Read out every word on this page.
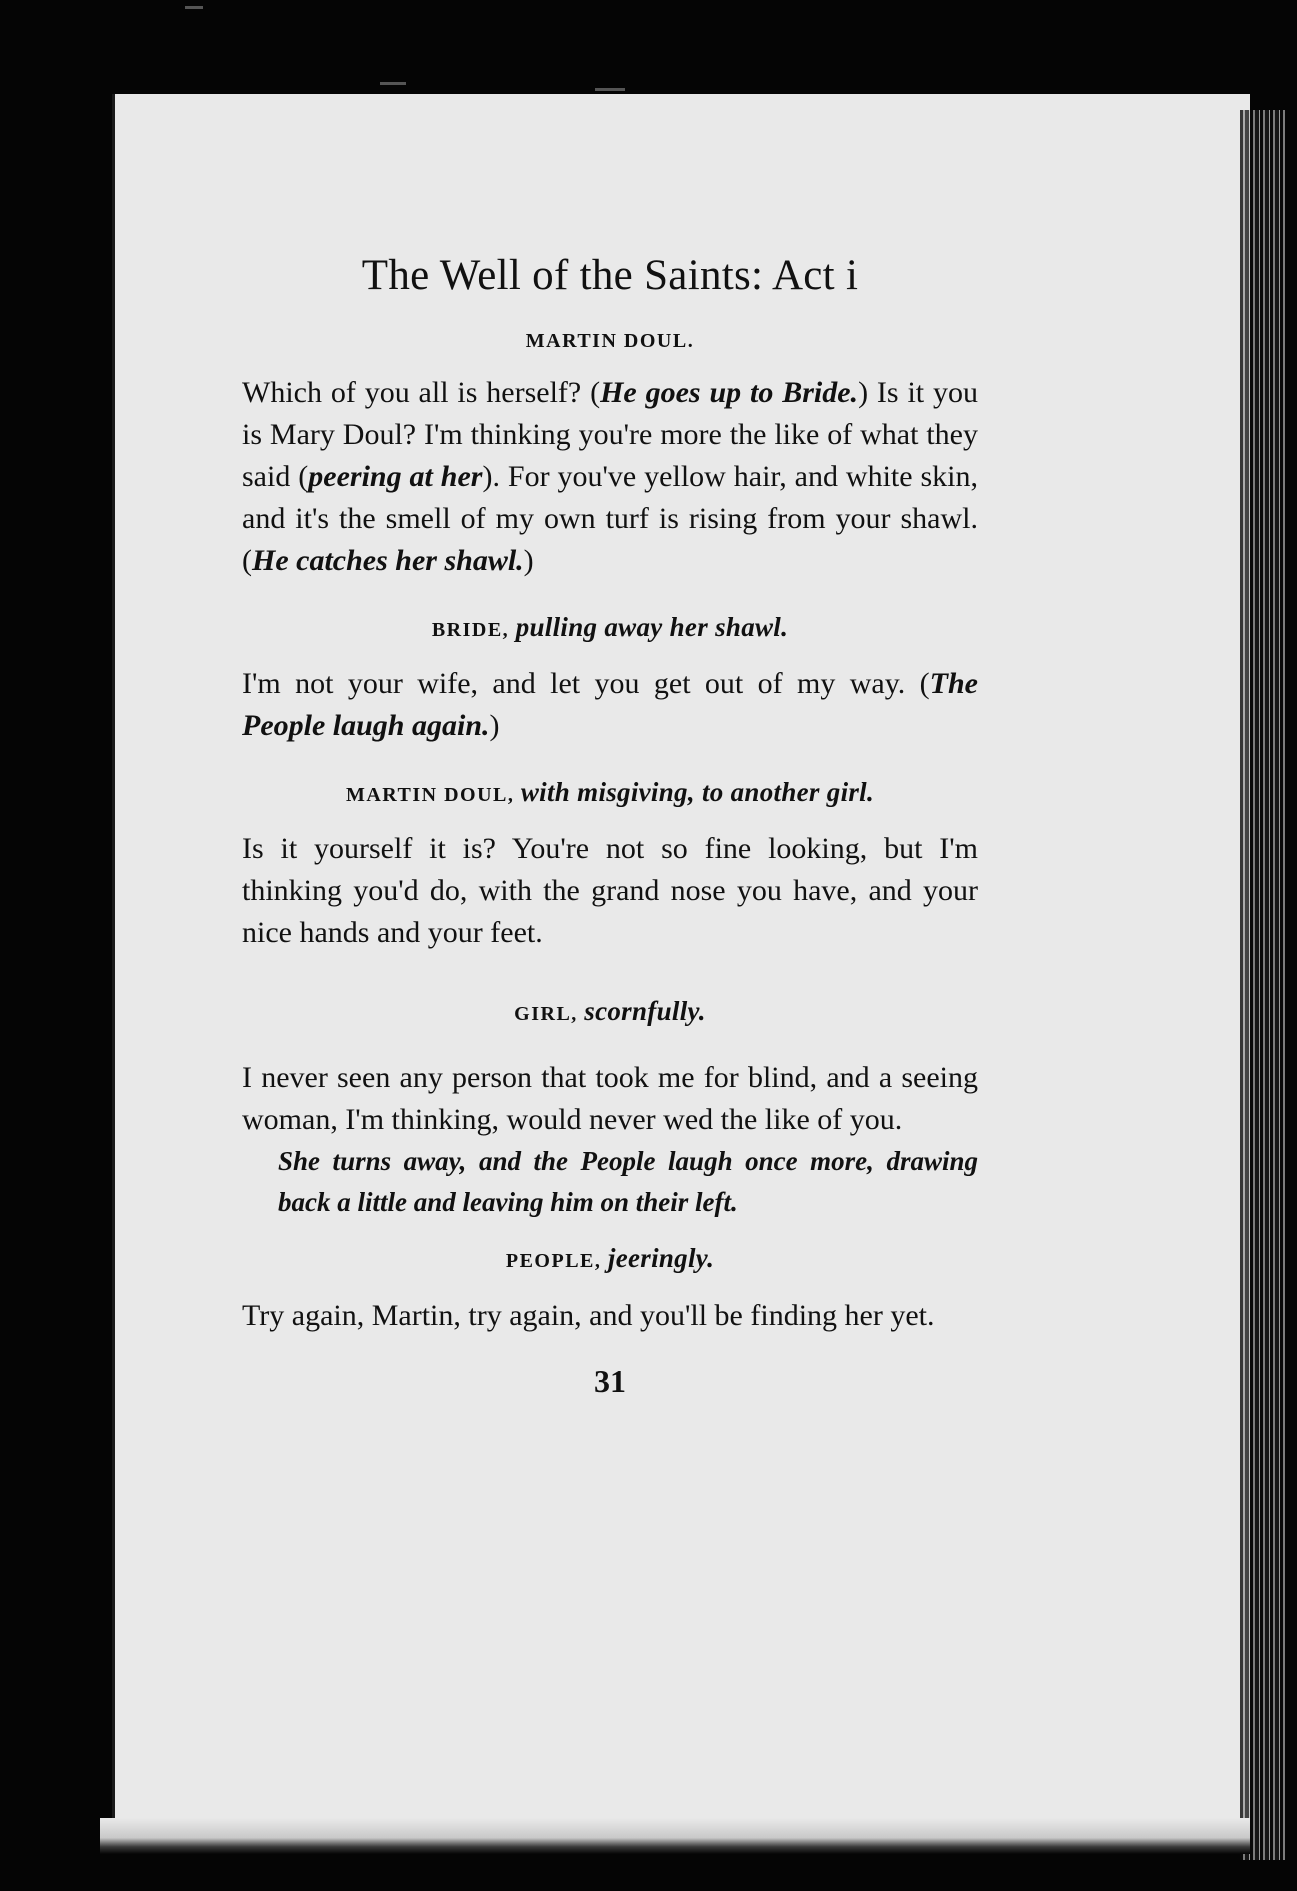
The Well of the Saints: Act i

MARTIN DOUL.

Which of you all is herself? (He goes up to Bride.) Is it you is Mary Doul? I'm thinking you're more the like of what they said (peering at her). For you've yellow hair, and white skin, and it's the smell of my own turf is rising from your shawl. (He catches her shawl.)

BRIDE, pulling away her shawl.

I'm not your wife, and let you get out of my way. (The People laugh again.)

MARTIN DOUL, with misgiving, to another girl.

Is it yourself it is? You're not so fine looking, but I'm thinking you'd do, with the grand nose you have, and your nice hands and your feet.

GIRL, scornfully.

I never seen any person that took me for blind, and a seeing woman, I'm thinking, would never wed the like of you.

She turns away, and the People laugh once more, drawing back a little and leaving him on their left.

PEOPLE, jeeringly.

Try again, Martin, try again, and you'll be finding her yet.

31
